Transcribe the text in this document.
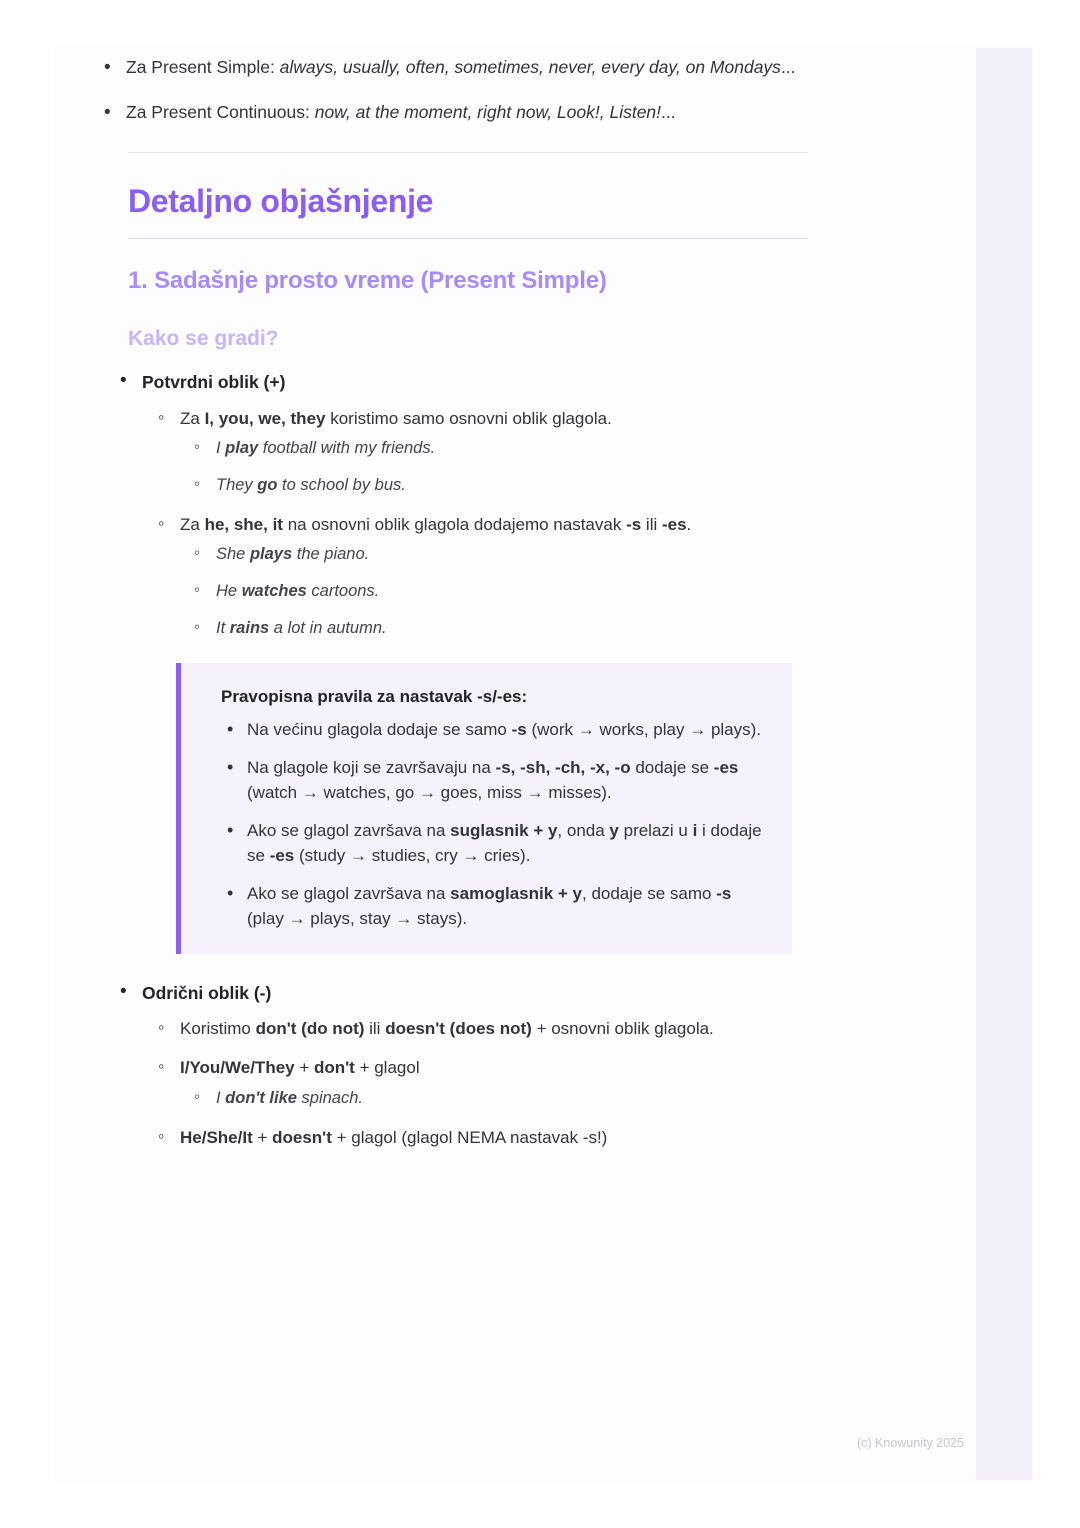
• Za Present Simple: always, usually, often, sometimes, never, every day, on Mondays...
• Za Present Continuous: now, at the moment, right now, Look!, Listen!...
Detaljno objašnjenje
1. Sadašnje prosto vreme (Present Simple)
Kako se gradi?
• Potvrdni oblik (+)
◦ Za I, you, we, they koristimo samo osnovni oblik glagola.
◦ I play football with my friends.
◦ They go to school by bus.
◦ Za he, she, it na osnovni oblik glagola dodajemo nastavak -s ili -es.
◦ She plays the piano.
◦ He watches cartoons.
◦ It rains a lot in autumn.
Pravopisna pravila za nastavak -s/-es:
• Na većinu glagola dodaje se samo -s (work → works, play → plays).
• Na glagole koji se završavaju na -s, -sh, -ch, -x, -o dodaje se -es (watch → watches, go → goes, miss → misses).
• Ako se glagol završava na suglasnik + y, onda y prelazi u i i dodaje se -es (study → studies, cry → cries).
• Ako se glagol završava na samoglasnik + y, dodaje se samo -s (play → plays, stay → stays).
• Odrični oblik (-)
◦ Koristimo don't (do not) ili doesn't (does not) + osnovni oblik glagola.
◦ I/You/We/They + don't + glagol
◦ I don't like spinach.
◦ He/She/It + doesn't + glagol (glagol NEMA nastavak -s!)
(c) Knowunity 2025
